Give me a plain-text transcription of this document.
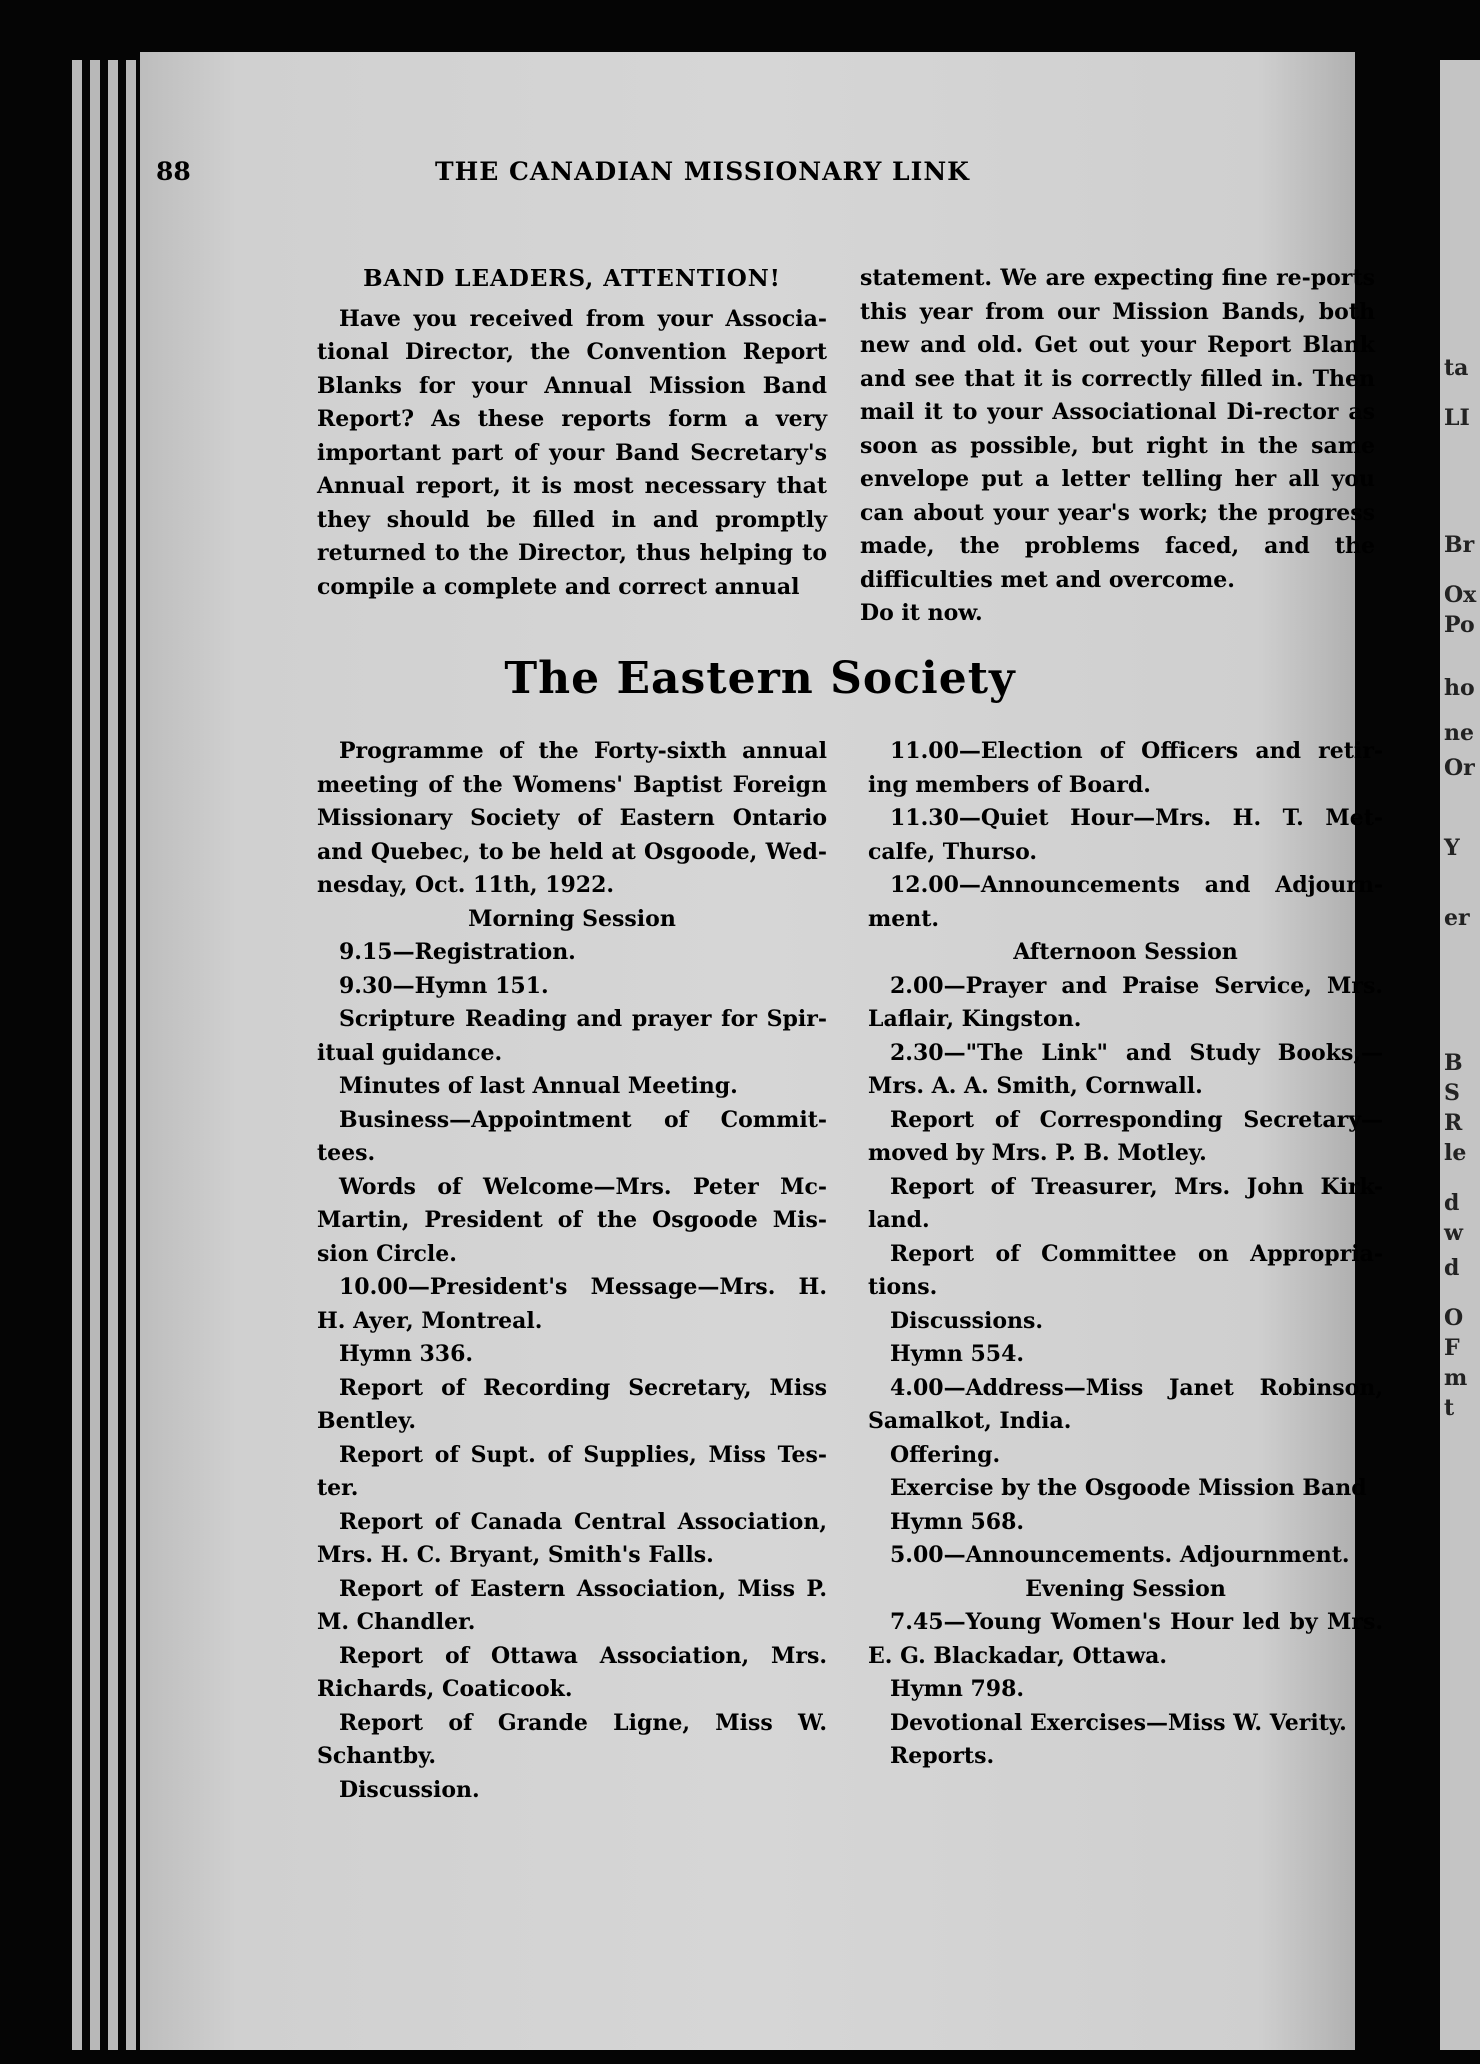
ta
LI
Br
Ox
Po
ho
ne
Or
Y
er
B
S
R
le
d
w
d
O
F
m
t
88	THE CANADIAN MISSIONARY LINK

BAND LEADERS, ATTENTION!

Have you received from your Associa-tional Director, the Convention Report Blanks for your Annual Mission Band Report? As these reports form a very important part of your Band Secretary's Annual report, it is most necessary that they should be filled in and promptly returned to the Director, thus helping to compile a complete and correct annual

statement. We are expecting fine re-ports this year from our Mission Bands, both new and old. Get out your Report Blank and see that it is correctly filled in. Then mail it to your Associational Di-rector as soon as possible, but right in the same envelope put a letter telling her all you can about your year's work; the progress made, the problems faced, and the difficulties met and overcome.

Do it now.

The Eastern Society

Programme of the Forty-sixth annual meeting of the Womens' Baptist Foreign Missionary Society of Eastern Ontario and Quebec, to be held at Osgoode, Wed-nesday, Oct. 11th, 1922.

Morning Session

9.15—Registration.

9.30—Hymn 151.

Scripture Reading and prayer for Spir-itual guidance.

Minutes of last Annual Meeting.

Business—Appointment of Commit-tees.

Words of Welcome—Mrs. Peter Mc-Martin, President of the Osgoode Mis-sion Circle.

10.00—President's Message—Mrs. H. H. Ayer, Montreal.

Hymn 336.

Report of Recording Secretary, Miss Bentley.

Report of Supt. of Supplies, Miss Tes-ter.

Report of Canada Central Association, Mrs. H. C. Bryant, Smith's Falls.

Report of Eastern Association, Miss P. M. Chandler.

Report of Ottawa Association, Mrs. Richards, Coaticook.

Report of Grande Ligne, Miss W. Schantby.

Discussion.

11.00—Election of Officers and retir-ing members of Board.

11.30—Quiet Hour—Mrs. H. T. Met-calfe, Thurso.

12.00—Announcements and Adjourn-ment.

Afternoon Session

2.00—Prayer and Praise Service, Mrs. Laflair, Kingston.

2.30—"The Link" and Study Books,—Mrs. A. A. Smith, Cornwall.

Report of Corresponding Secretary—moved by Mrs. P. B. Motley.

Report of Treasurer, Mrs. John Kirk-land.

Report of Committee on Appropria-tions.

Discussions.

Hymn 554.

4.00—Address—Miss Janet Robinson, Samalkot, India.

Offering.

Exercise by the Osgoode Mission Band

Hymn 568.

5.00—Announcements. Adjournment.

Evening Session

7.45—Young Women's Hour led by Mrs. E. G. Blackadar, Ottawa.

Hymn 798.

Devotional Exercises—Miss W. Verity.

Reports.
